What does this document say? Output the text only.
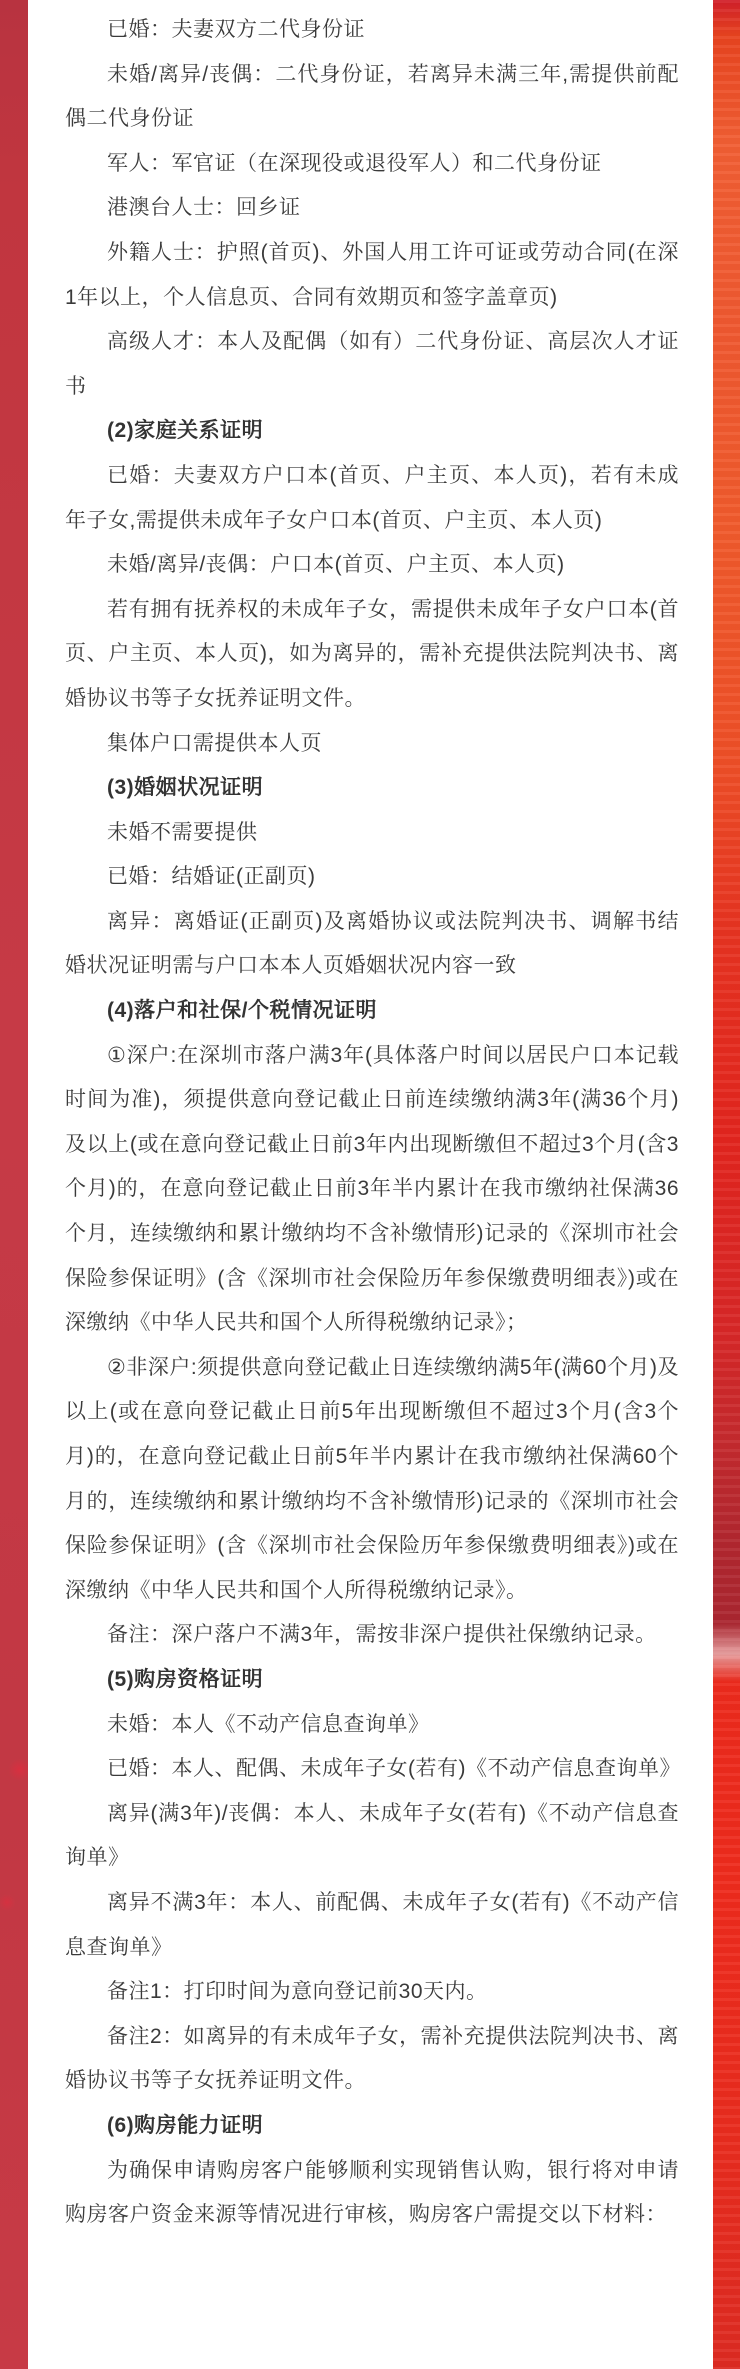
已婚：夫妻双方二代身份证

未婚/离异/丧偶：二代身份证，若离异未满三年,需提供前配偶二代身份证

军人：军官证（在深现役或退役军人）和二代身份证

港澳台人士：回乡证

外籍人士：护照(首页)、外国人用工许可证或劳动合同(在深1年以上，个人信息页、合同有效期页和签字盖章页)

高级人才：本人及配偶（如有）二代身份证、高层次人才证书

(2)家庭关系证明

已婚：夫妻双方户口本(首页、户主页、本人页)，若有未成年子女,需提供未成年子女户口本(首页、户主页、本人页)

未婚/离异/丧偶：户口本(首页、户主页、本人页)

若有拥有抚养权的未成年子女，需提供未成年子女户口本(首页、户主页、本人页)，如为离异的，需补充提供法院判决书、离婚协议书等子女抚养证明文件。

集体户口需提供本人页

(3)婚姻状况证明

未婚不需要提供

已婚：结婚证(正副页)

离异：离婚证(正副页)及离婚协议或法院判决书、调解书结婚状况证明需与户口本本人页婚姻状况内容一致

(4)落户和社保/个税情况证明

①深户:在深圳市落户满3年(具体落户时间以居民户口本记载时间为准)，须提供意向登记截止日前连续缴纳满3年(满36个月)及以上(或在意向登记截止日前3年内出现断缴但不超过3个月(含3个月)的，在意向登记截止日前3年半内累计在我市缴纳社保满36个月，连续缴纳和累计缴纳均不含补缴情形)记录的《深圳市社会保险参保证明》(含《深圳市社会保险历年参保缴费明细表》)或在深缴纳《中华人民共和国个人所得税缴纳记录》；

②非深户:须提供意向登记截止日连续缴纳满5年(满60个月)及以上(或在意向登记截止日前5年出现断缴但不超过3个月(含3个月)的，在意向登记截止日前5年半内累计在我市缴纳社保满60个月的，连续缴纳和累计缴纳均不含补缴情形)记录的《深圳市社会保险参保证明》(含《深圳市社会保险历年参保缴费明细表》)或在深缴纳《中华人民共和国个人所得税缴纳记录》。

备注：深户落户不满3年，需按非深户提供社保缴纳记录。

(5)购房资格证明

未婚：本人《不动产信息查询单》

已婚：本人、配偶、未成年子女(若有)《不动产信息查询单》

离异(满3年)/丧偶：本人、未成年子女(若有)《不动产信息查询单》

离异不满3年：本人、前配偶、未成年子女(若有)《不动产信息查询单》

备注1：打印时间为意向登记前30天内。

备注2：如离异的有未成年子女，需补充提供法院判决书、离婚协议书等子女抚养证明文件。

(6)购房能力证明

为确保申请购房客户能够顺利实现销售认购，银行将对申请购房客户资金来源等情况进行审核，购房客户需提交以下材料：
